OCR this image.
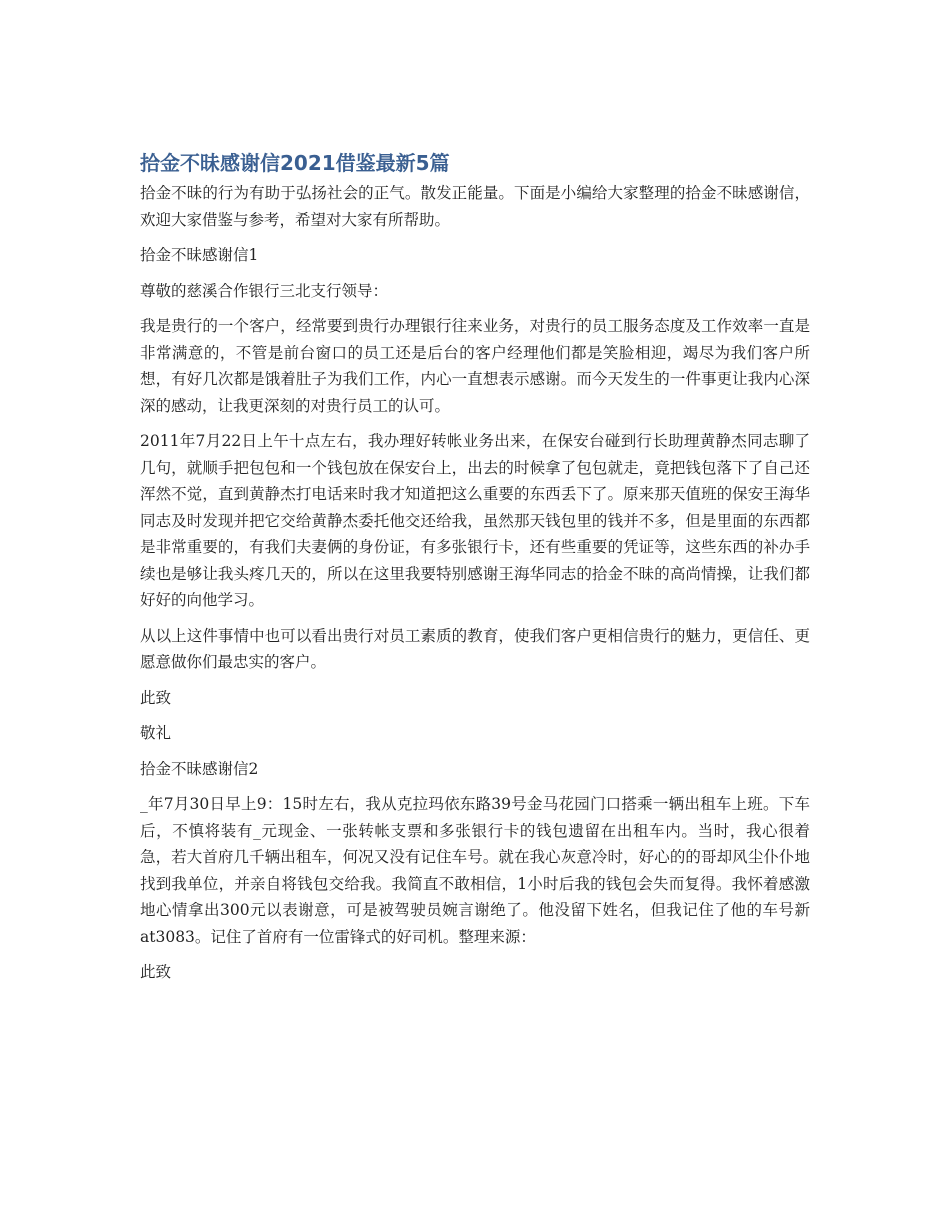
拾金不昧感谢信2021借鉴最新5篇

拾金不昧的行为有助于弘扬社会的正气。散发正能量。下面是小编给大家整理的拾金不昧感谢信，欢迎大家借鉴与参考，希望对大家有所帮助。

拾金不昧感谢信1

尊敬的慈溪合作银行三北支行领导：

我是贵行的一个客户，经常要到贵行办理银行往来业务，对贵行的员工服务态度及工作效率一直是非常满意的，不管是前台窗口的员工还是后台的客户经理他们都是笑脸相迎，竭尽为我们客户所想，有好几次都是饿着肚子为我们工作，内心一直想表示感谢。而今天发生的一件事更让我内心深深的感动，让我更深刻的对贵行员工的认可。

2011年7月22日上午十点左右，我办理好转帐业务出来，在保安台碰到行长助理黄静杰同志聊了几句，就顺手把包包和一个钱包放在保安台上，出去的时候拿了包包就走，竟把钱包落下了自己还浑然不觉，直到黄静杰打电话来时我才知道把这么重要的东西丢下了。原来那天值班的保安王海华同志及时发现并把它交给黄静杰委托他交还给我，虽然那天钱包里的钱并不多，但是里面的东西都是非常重要的，有我们夫妻俩的身份证，有多张银行卡，还有些重要的凭证等，这些东西的补办手续也是够让我头疼几天的，所以在这里我要特别感谢王海华同志的拾金不昧的高尚情操，让我们都好好的向他学习。

从以上这件事情中也可以看出贵行对员工素质的教育，使我们客户更相信贵行的魅力，更信任、更愿意做你们最忠实的客户。

此致

敬礼

拾金不昧感谢信2

_年7月30日早上9：15时左右，我从克拉玛依东路39号金马花园门口搭乘一辆出租车上班。下车后，不慎将装有_元现金、一张转帐支票和多张银行卡的钱包遗留在出租车内。当时，我心很着急，若大首府几千辆出租车，何况又没有记住车号。就在我心灰意冷时，好心的的哥却风尘仆仆地找到我单位，并亲自将钱包交给我。我简直不敢相信，1小时后我的钱包会失而复得。我怀着感激地心情拿出300元以表谢意，可是被驾驶员婉言谢绝了。他没留下姓名，但我记住了他的车号新at3083。记住了首府有一位雷锋式的好司机。整理来源：

此致
